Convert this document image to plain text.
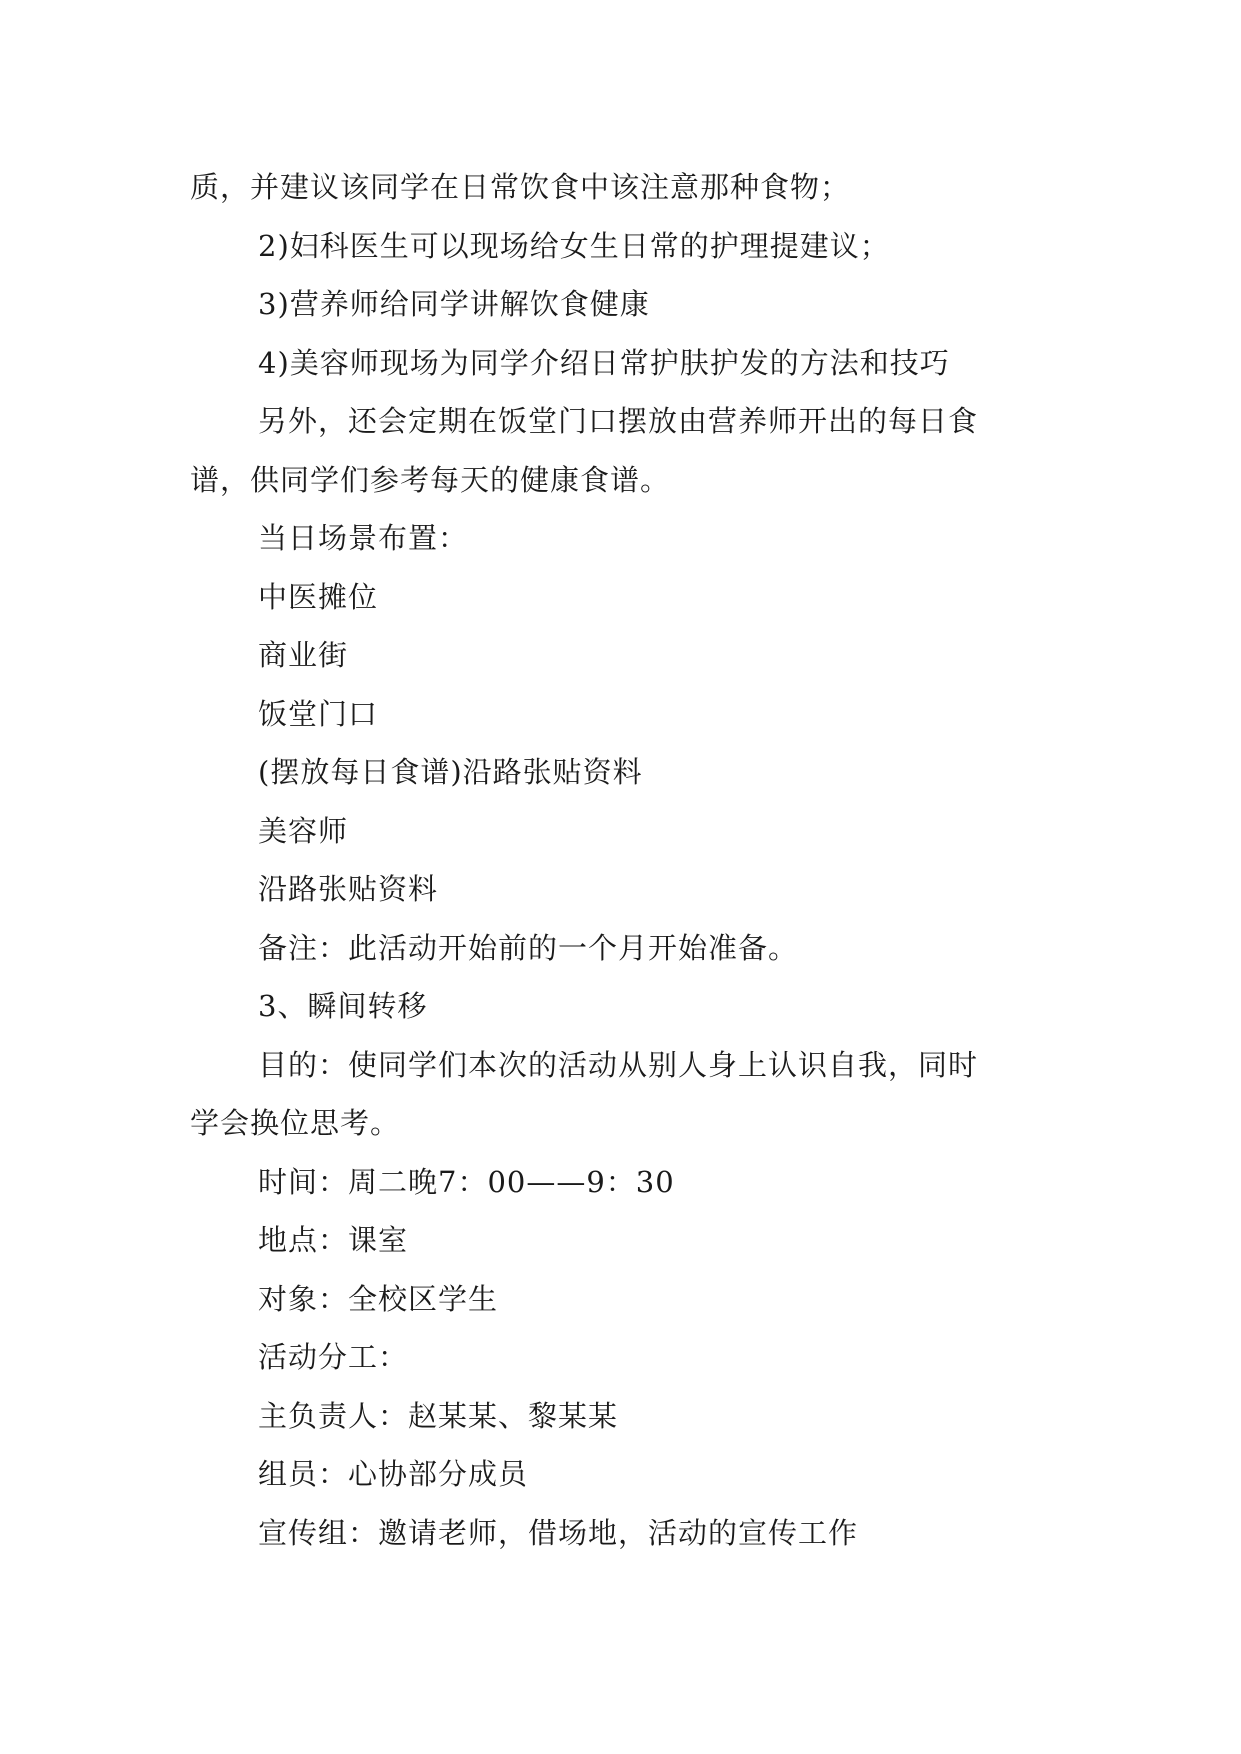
质，并建议该同学在日常饮食中该注意那种食物；
2)妇科医生可以现场给女生日常的护理提建议；
3)营养师给同学讲解饮食健康
4)美容师现场为同学介绍日常护肤护发的方法和技巧
另外，还会定期在饭堂门口摆放由营养师开出的每日食
谱，供同学们参考每天的健康食谱。
当日场景布置：
中医摊位
商业街
饭堂门口
(摆放每日食谱)沿路张贴资料
美容师
沿路张贴资料
备注：此活动开始前的一个月开始准备。
3、瞬间转移
目的：使同学们本次的活动从别人身上认识自我，同时
学会换位思考。
时间：周二晚7：00——9：30
地点：课室
对象：全校区学生
活动分工：
主负责人：赵某某、黎某某
组员：心协部分成员
宣传组：邀请老师，借场地，活动的宣传工作
